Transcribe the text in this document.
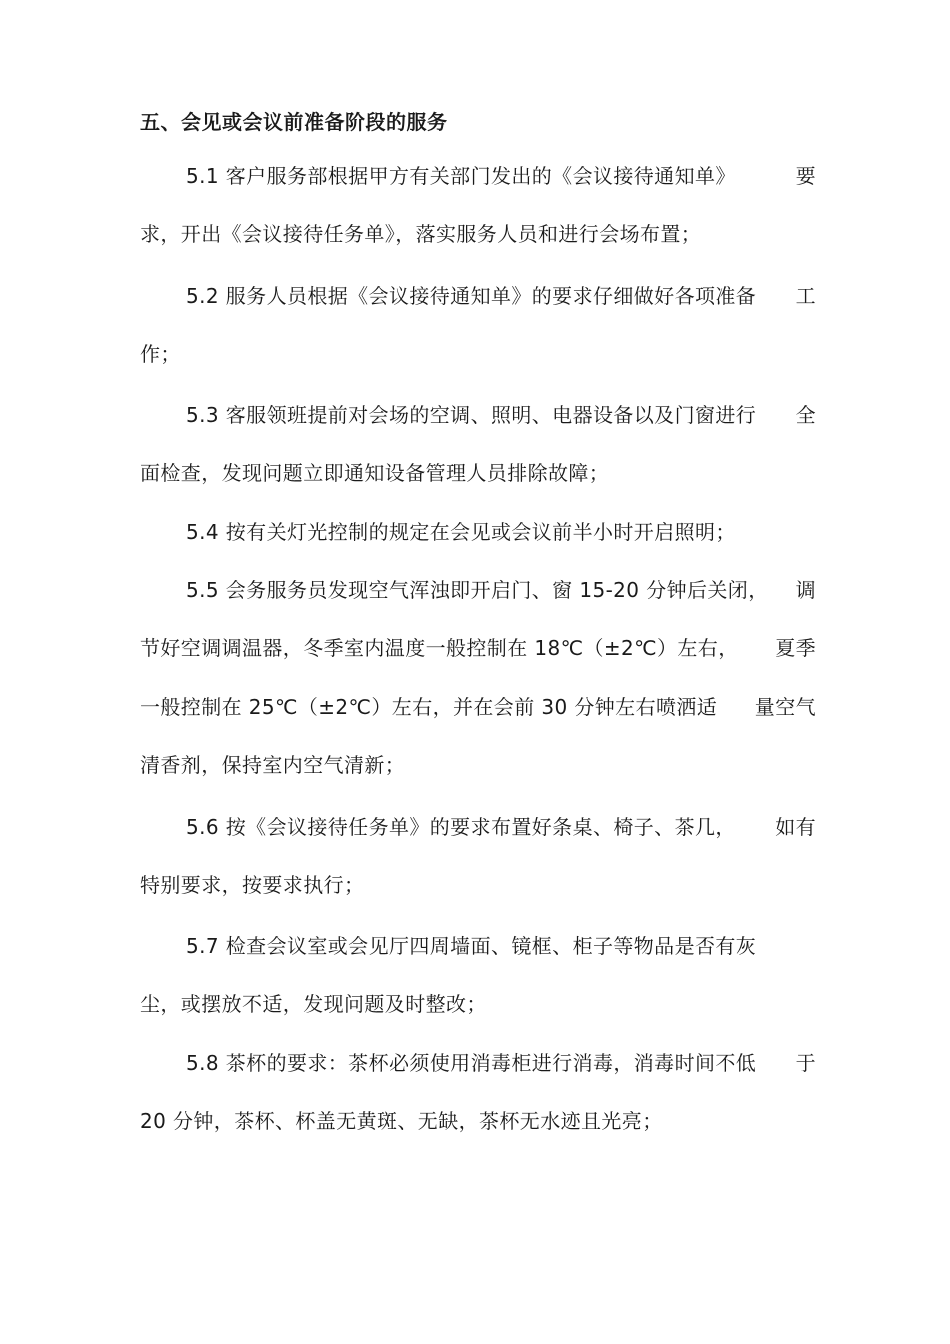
五、会见或会议前准备阶段的服务
5.1 客户服务部根据甲方有关部门发出的《会议接待通知单》	要
求，开出《会议接待任务单》，落实服务人员和进行会场布置；
5.2 服务人员根据《会议接待通知单》的要求仔细做好各项准备 工
作；
5.3 客服领班提前对会场的空调、照明、电器设备以及门窗进行 全
面检查，发现问题立即通知设备管理人员排除故障；
5.4 按有关灯光控制的规定在会见或会议前半小时开启照明；
5.5 会务服务员发现空气浑浊即开启门、窗 15-20 分钟后关闭， 调
节好空调调温器，冬季室内温度一般控制在 18℃（±2℃）左右， 夏季
一般控制在 25℃（±2℃）左右，并在会前 30 分钟左右喷洒适 量空气
清香剂，保持室内空气清新；
5.6 按《会议接待任务单》的要求布置好条桌、椅子、茶几， 如有
特别要求，按要求执行；
5.7 检查会议室或会见厅四周墙面、镜框、柜子等物品是否有灰
尘，或摆放不适，发现问题及时整改；
5.8 茶杯的要求：茶杯必须使用消毒柜进行消毒，消毒时间不低 于
20 分钟，茶杯、杯盖无黄斑、无缺，茶杯无水迹且光亮；
